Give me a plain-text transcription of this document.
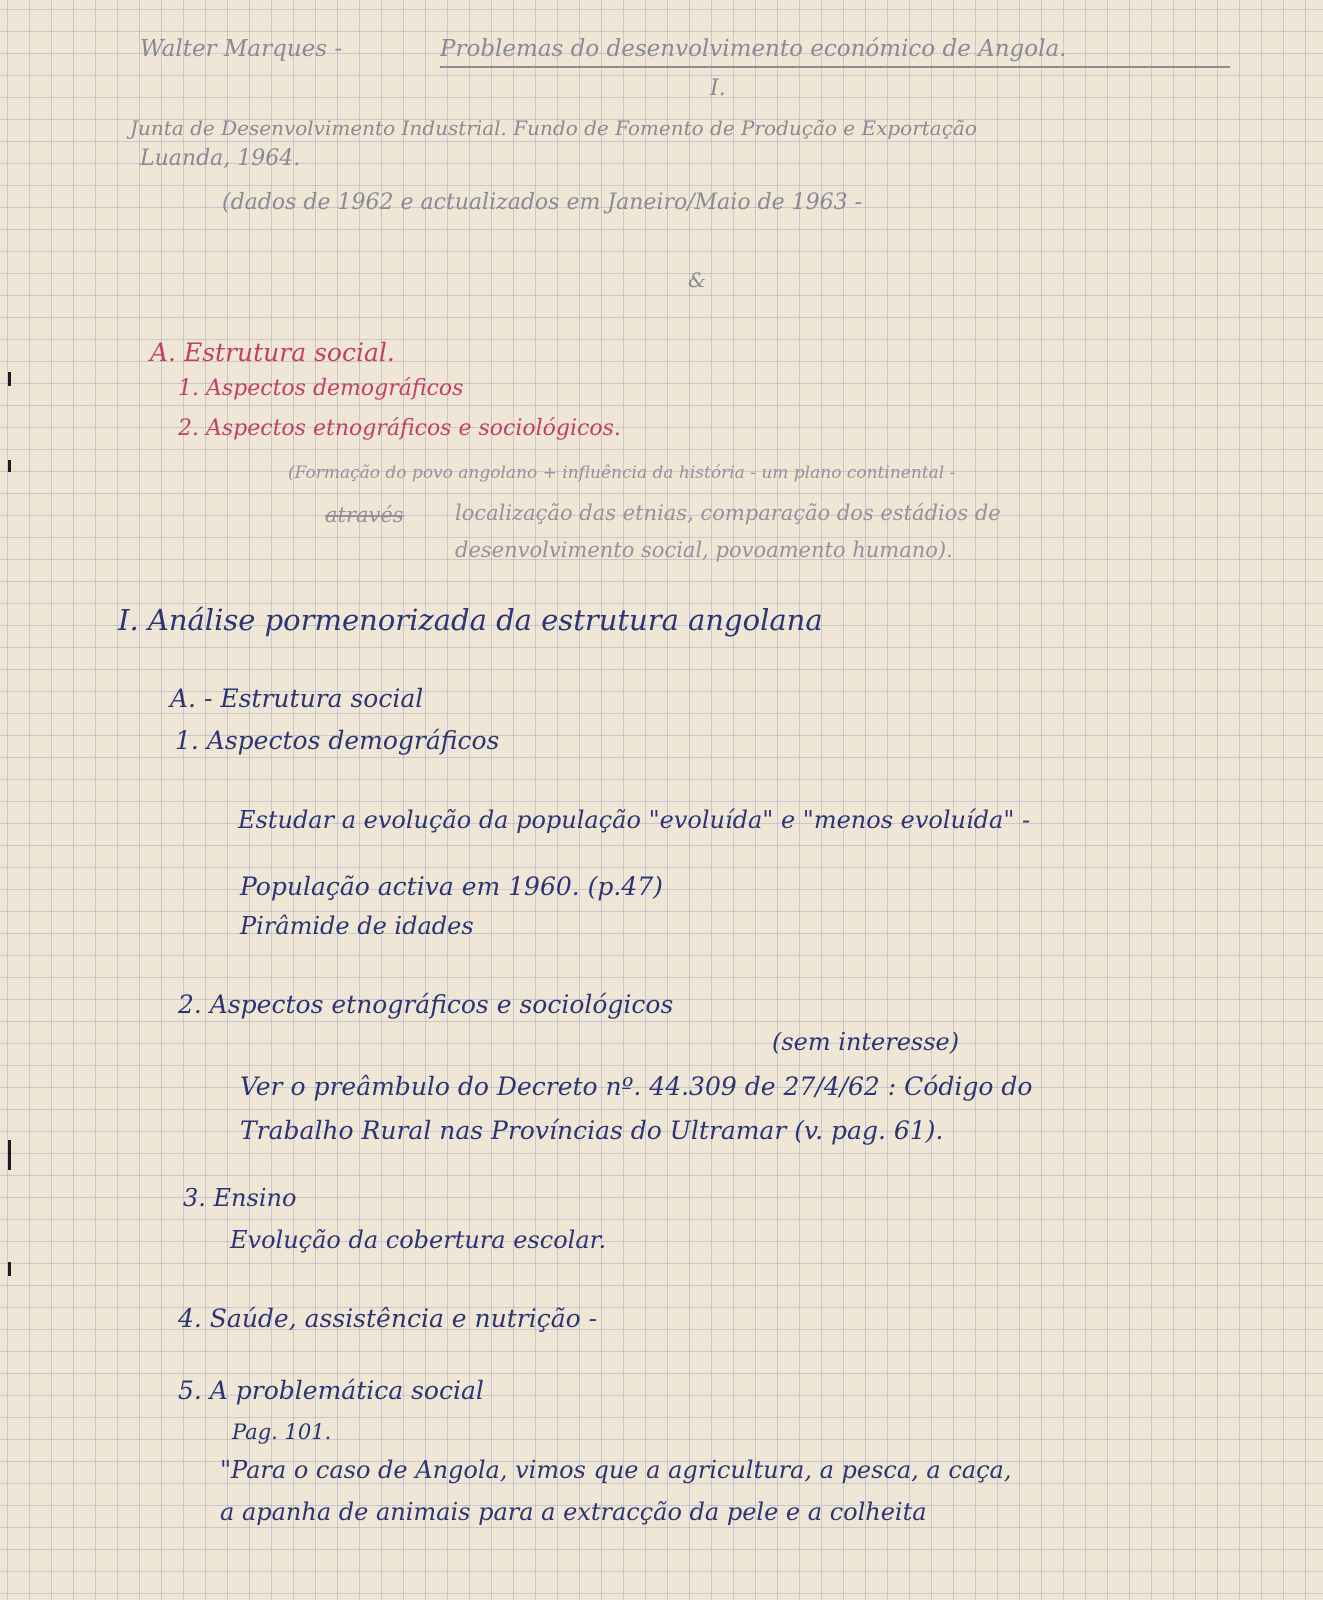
Walter Marques -	Problemas do desenvolvimento económico de Angola.

I.

Junta de Desenvolvimento Industrial. Fundo de Fomento de Produção e Exportação

Luanda, 1964.

(dados de 1962 e actualizados em Janeiro/Maio de 1963 -

&

A. Estrutura social.

1. Aspectos demográficos

2. Aspectos etnográficos e sociológicos.

(Formação do povo angolano + influência da história - um plano continental -

através localização das etnias, comparação dos estádios de

desenvolvimento social, povoamento humano).

I. Análise pormenorizada da estrutura angolana

A. - Estrutura social

1. Aspectos demográficos

Estudar a evolução da população "evoluída" e "menos evoluída" -

População activa em 1960. (p.47)

Pirâmide de idades

2. Aspectos etnográficos e sociológicos

(sem interesse)

Ver o preâmbulo do Decreto nº. 44.309 de 27/4/62 : Código do

Trabalho Rural nas Províncias do Ultramar (v. pag. 61).

3. Ensino

Evolução da cobertura escolar.

4. Saúde, assistência e nutrição -

5. A problemática social

Pag. 101.

"Para o caso de Angola, vimos que a agricultura, a pesca, a caça,

a apanha de animais para a extracção da pele e a colheita
